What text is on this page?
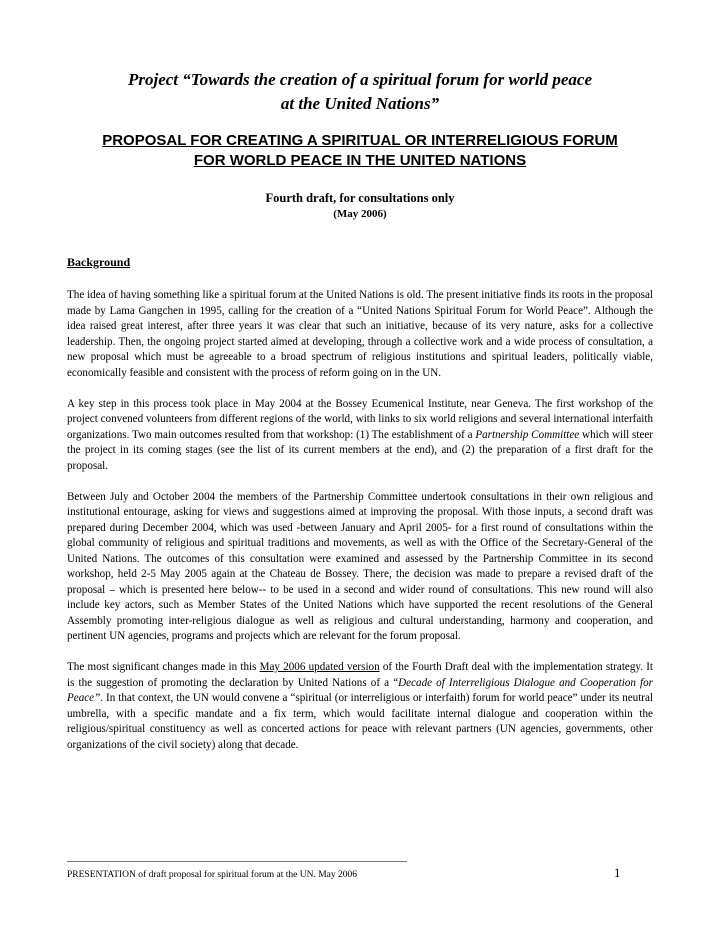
Project “Towards the creation of a spiritual forum for world peace
at the United Nations”
PROPOSAL FOR CREATING A SPIRITUAL OR INTERRELIGIOUS FORUM
FOR WORLD PEACE IN THE UNITED NATIONS
Fourth draft, for consultations only
(May 2006)
Background

The idea of having something like a spiritual forum at the United Nations is old. The present initiative finds its roots in the proposal made by Lama Gangchen in 1995, calling for the creation of a “United Nations Spiritual Forum for World Peace”. Although the idea raised great interest, after three years it was clear that such an initiative, because of its very nature, asks for a collective leadership. Then, the ongoing project started aimed at developing, through a collective work and a wide process of consultation, a new proposal which must be agreeable to a broad spectrum of religious institutions and spiritual leaders, politically viable, economically feasible and consistent with the process of reform going on in the UN.

A key step in this process took place in May 2004 at the Bossey Ecumenical Institute, near Geneva. The first workshop of the project convened volunteers from different regions of the world, with links to six world religions and several international interfaith organizations. Two main outcomes resulted from that workshop: (1) The establishment of a Partnership Committee which will steer the project in its coming stages (see the list of its current members at the end), and (2) the preparation of a first draft for the proposal.

Between July and October 2004 the members of the Partnership Committee undertook consultations in their own religious and institutional entourage, asking for views and suggestions aimed at improving the proposal. With those inputs, a second draft was prepared during December 2004, which was used -between January and April 2005- for a first round of consultations within the global community of religious and spiritual traditions and movements, as well as with the Office of the Secretary-General of the United Nations. The outcomes of this consultation were examined and assessed by the Partnership Committee in its second workshop, held 2-5 May 2005 again at the Chateau de Bossey. There, the decision was made to prepare a revised draft of the proposal – which is presented here below-- to be used in a second and wider round of consultations. This new round will also include key actors, such as Member States of the United Nations which have supported the recent resolutions of the General Assembly promoting inter-religious dialogue as well as religious and cultural understanding, harmony and cooperation, and pertinent UN agencies, programs and projects which are relevant for the forum proposal.

The most significant changes made in this May 2006 updated version of the Fourth Draft deal with the implementation strategy. It is the suggestion of promoting the declaration by United Nations of a “Decade of Interreligious Dialogue and Cooperation for Peace”. In that context, the UN would convene a “spiritual (or interreligious or interfaith) forum for world peace” under its neutral umbrella, with a specific mandate and a fix term, which would facilitate internal dialogue and cooperation within the religious/spiritual constituency as well as concerted actions for peace with relevant partners (UN agencies, governments, other organizations of the civil society) along that decade.

PRESENTATION of draft proposal for spiritual forum at the UN. May 2006	1
